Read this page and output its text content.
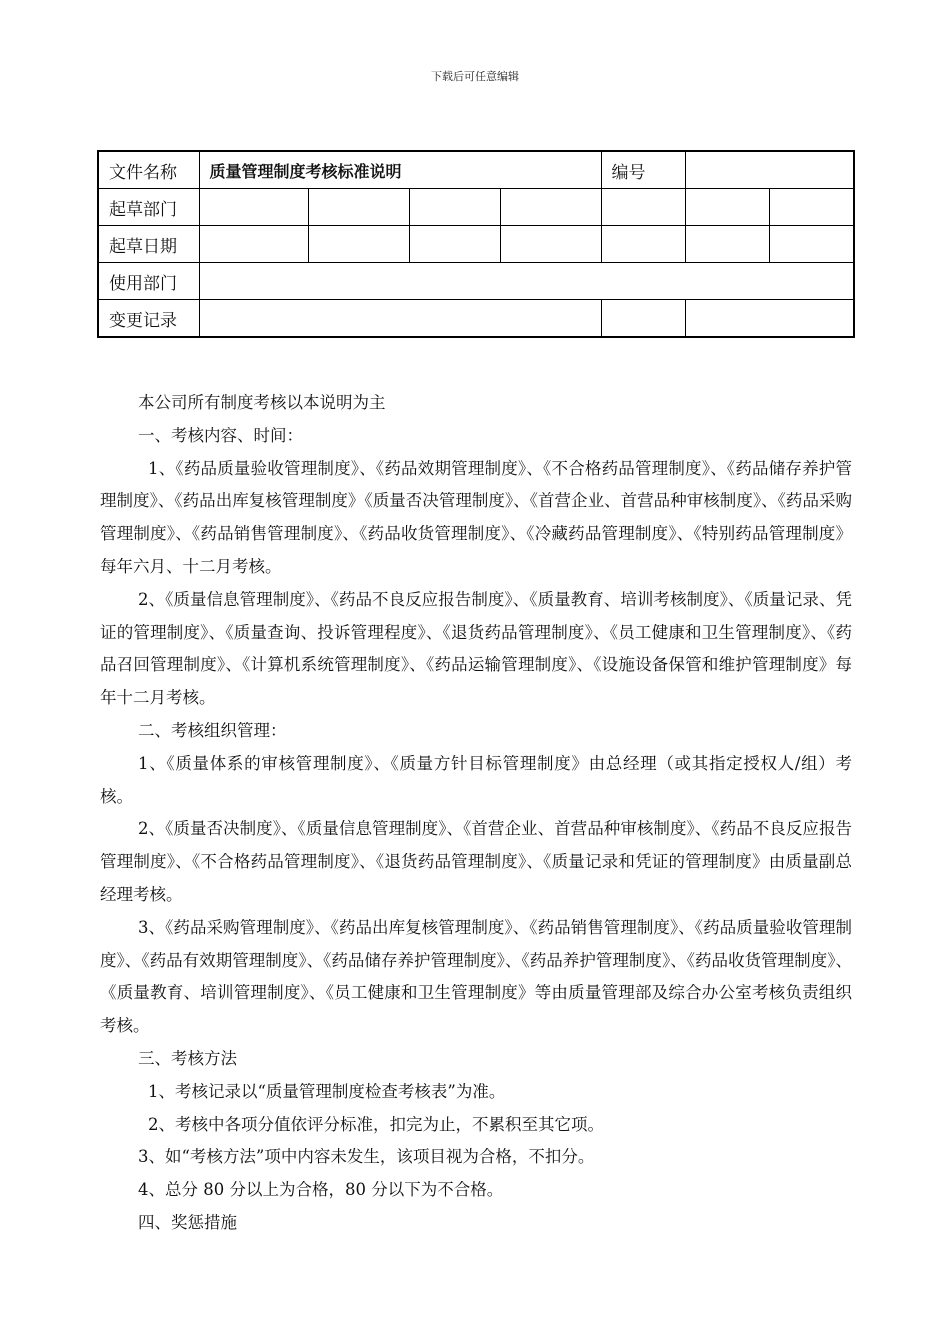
下载后可任意编辑
文件名称	质量管理制度考核标准说明				编号		
起草部门							
起草日期							
使用部门							
变更记录							

本公司所有制度考核以本说明为主

一、考核内容、时间：

1、《药品质量验收管理制度》、《药品效期管理制度》、《不合格药品管理制度》、《药品储存养护管理制度》、《药品出库复核管理制度》《质量否决管理制度》、《首营企业、首营品种审核制度》、《药品采购管理制度》、《药品销售管理制度》、《药品收货管理制度》、《冷藏药品管理制度》、《特别药品管理制度》每年六月、十二月考核。

2、《质量信息管理制度》、《药品不良反应报告制度》、《质量教育、培训考核制度》、《质量记录、凭证的管理制度》、《质量查询、投诉管理程度》、《退货药品管理制度》、《员工健康和卫生管理制度》、《药品召回管理制度》、《计算机系统管理制度》、《药品运输管理制度》、《设施设备保管和维护管理制度》每年十二月考核。

二、考核组织管理：

1、《质量体系的审核管理制度》、《质量方针目标管理制度》由总经理（或其指定授权人/组）考核。

2、《质量否决制度》、《质量信息管理制度》、《首营企业、首营品种审核制度》、《药品不良反应报告管理制度》、《不合格药品管理制度》、《退货药品管理制度》、《质量记录和凭证的管理制度》由质量副总经理考核。

3、《药品采购管理制度》、《药品出库复核管理制度》、《药品销售管理制度》、《药品质量验收管理制度》、《药品有效期管理制度》、《药品储存养护管理制度》、《药品养护管理制度》、《药品收货管理制度》、《质量教育、培训管理制度》、《员工健康和卫生管理制度》等由质量管理部及综合办公室考核负责组织考核。

三、考核方法

1、考核记录以“质量管理制度检查考核表”为准。

2、考核中各项分值依评分标准，扣完为止，不累积至其它项。

3、如“考核方法”项中内容未发生，该项目视为合格，不扣分。

4、总分 80 分以上为合格，80 分以下为不合格。

四、奖惩措施
